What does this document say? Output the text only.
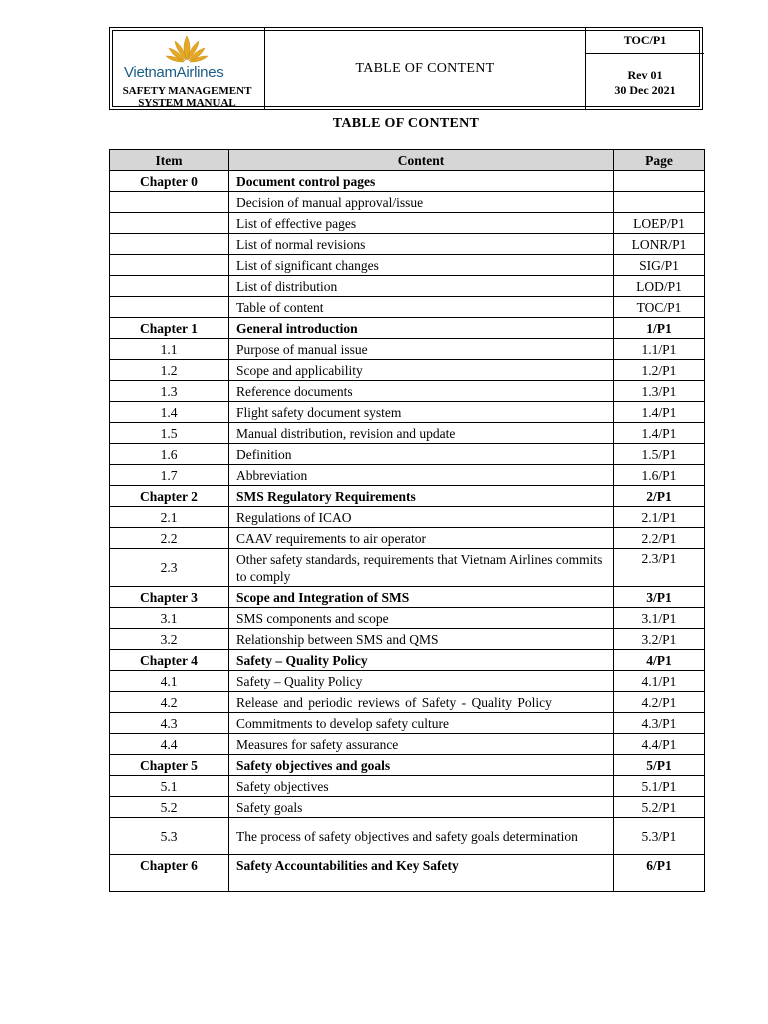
VietnamAirlines
SAFETY MANAGEMENT
SYSTEM MANUAL
TABLE OF CONTENT
TOC/P1
Rev 01
30 Dec 2021
TABLE OF CONTENT
Item	Content	Page
Chapter 0	Document control pages	
	Decision of manual approval/issue	
	List of effective pages	LOEP/P1
	List of normal revisions	LONR/P1
	List of significant changes	SIG/P1
	List of distribution	LOD/P1
	Table of content	TOC/P1
Chapter 1	General introduction	1/P1
1.1	Purpose of manual issue	1.1/P1
1.2	Scope and applicability	1.2/P1
1.3	Reference documents	1.3/P1
1.4	Flight safety document system	1.4/P1
1.5	Manual distribution, revision and update	1.4/P1
1.6	Definition	1.5/P1
1.7	Abbreviation	1.6/P1
Chapter 2	SMS Regulatory Requirements	2/P1
2.1	Regulations of ICAO	2.1/P1
2.2	CAAV requirements to air operator	2.2/P1
2.3	Other safety standards, requirements that Vietnam Airlines commits to comply	2.3/P1
Chapter 3	Scope and Integration of SMS	3/P1
3.1	SMS components and scope	3.1/P1
3.2	Relationship between SMS and QMS	3.2/P1
Chapter 4	Safety – Quality Policy	4/P1
4.1	Safety – Quality Policy	4.1/P1
4.2	Release and periodic reviews of Safety - Quality Policy	4.2/P1
4.3	Commitments to develop safety culture	4.3/P1
4.4	Measures for safety assurance	4.4/P1
Chapter 5	Safety objectives and goals	5/P1
5.1	Safety objectives	5.1/P1
5.2	Safety goals	5.2/P1
5.3	The process of safety objectives and safety goals determination	5.3/P1
Chapter 6	Safety Accountabilities and Key Safety	6/P1
